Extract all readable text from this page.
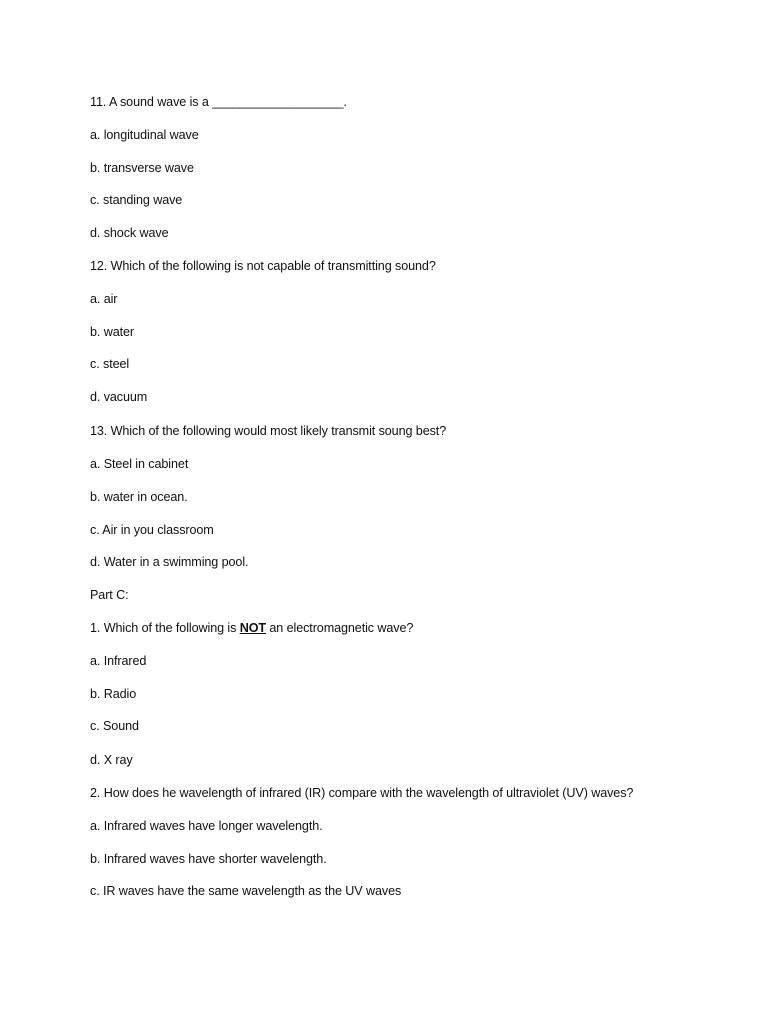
11. A sound wave is a ___________________.
a. longitudinal wave
b. transverse wave
c. standing wave
d. shock wave
12. Which of the following is not capable of transmitting sound?
a. air
b. water
c. steel
d. vacuum
13. Which of the following would most likely transmit soung best?
a. Steel in cabinet
b. water in ocean.
c. Air in you classroom
d. Water in a swimming pool.
Part C:
1. Which of the following is NOT an electromagnetic wave?
a. Infrared
b. Radio
c. Sound
d. X ray
2. How does he wavelength of infrared (IR) compare with the wavelength of ultraviolet (UV) waves?
a. Infrared waves have longer wavelength.
b. Infrared waves have shorter wavelength.
c. IR waves have the same wavelength as the UV waves
